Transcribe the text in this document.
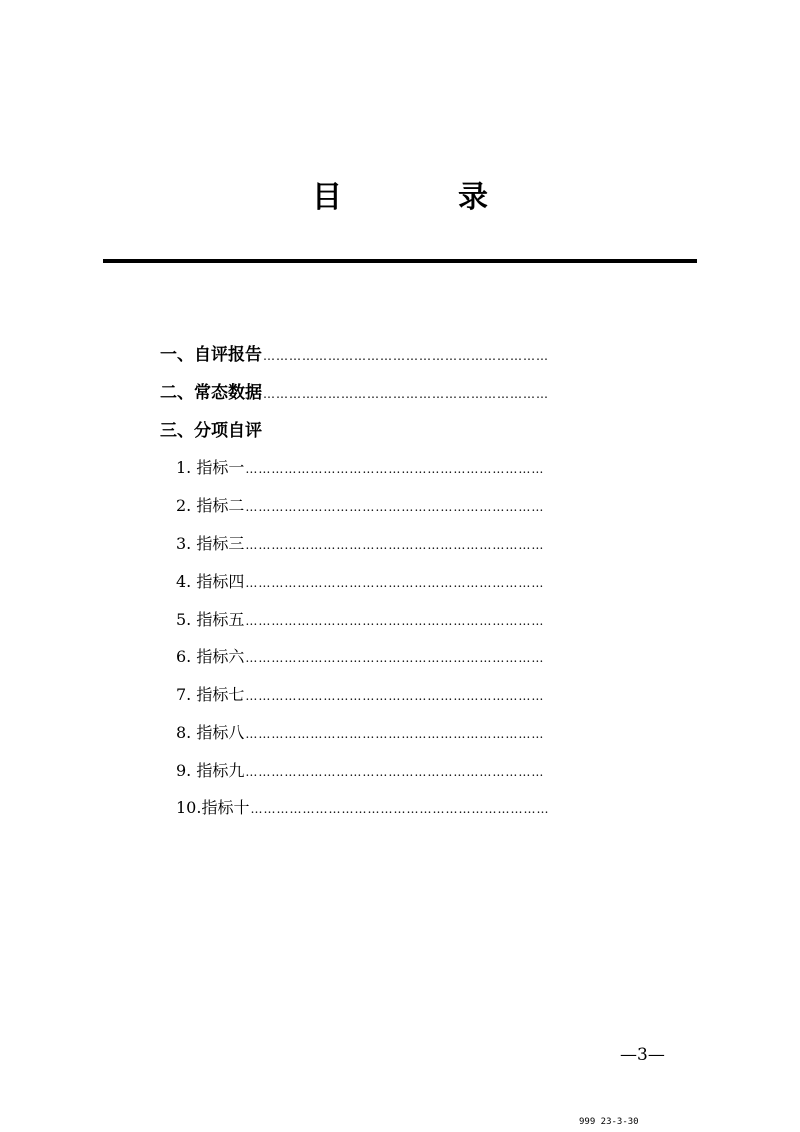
目	录
一、自评报告 …………………………………………………………
二、常态数据 …………………………………………………………
三、分项自评
1. 指标一 ……………………………………………………………
2. 指标二 ……………………………………………………………
3. 指标三 ……………………………………………………………
4. 指标四 ……………………………………………………………
5. 指标五 ……………………………………………………………
6. 指标六 ……………………………………………………………
7. 指标七 ……………………………………………………………
8. 指标八 ……………………………………………………………
9. 指标九 ……………………………………………………………
10.指标十 ……………………………………………………………
—3—
999 23-3-30
